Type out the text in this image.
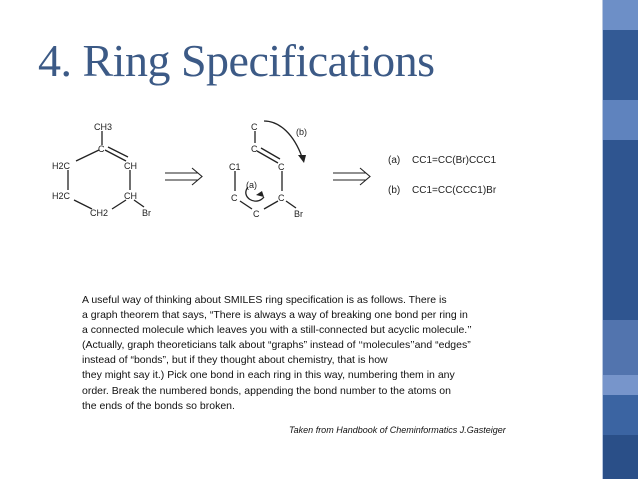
4. Ring Specifications
CH3
C
H2C	CH
H2C	CH
CH2	Br
C
C
C1	C
C	C
C	Br
(b)
(a)
(a) CC1=CC(Br)CCC1
(b) CC1=CC(CCC1)Br
A useful way of thinking about SMILES ring specification is as follows. There is
a graph theorem that says, “There is always a way of breaking one bond per ring in
a connected molecule which leaves you with a still-connected but acyclic molecule.’’
(Actually, graph theoreticians talk about “graphs” instead of ‘‘molecules’’and “edges”
instead of “bonds”, but if they thought about chemistry, that is how
they might say it.) Pick one bond in each ring in this way, numbering them in any
order. Break the numbered bonds, appending the bond number to the atoms on
the ends of the bonds so broken.
Taken from Handbook of Cheminformatics J.Gasteiger
